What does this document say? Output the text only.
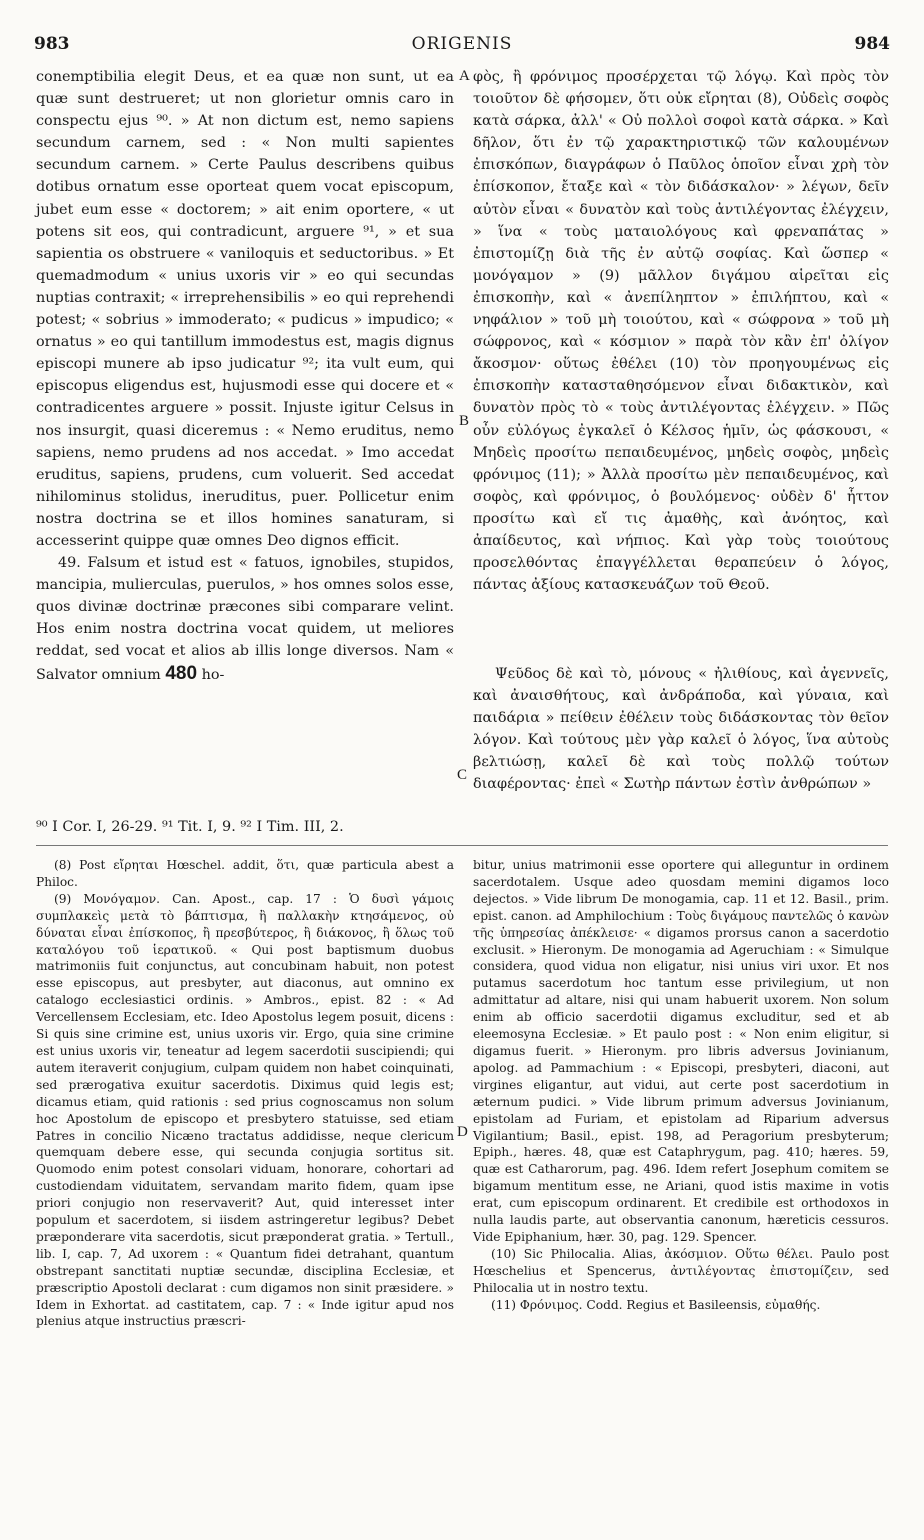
983	ORIGENIS	984

conemptibilia elegit Deus, et ea quæ non sunt, ut ea quæ sunt destrueret; ut non glorietur omnis caro in conspectu ejus ⁹⁰. » At non dictum est, nemo sapiens secundum carnem, sed : « Non multi sapientes secundum carnem. » Certe Paulus describens quibus dotibus ornatum esse oporteat quem vocat episcopum, jubet eum esse « doctorem; » ait enim oportere, « ut potens sit eos, qui contradicunt, arguere ⁹¹, » et sua sapientia os obstruere « vaniloquis et seductoribus. » Et quemadmodum « unius uxoris vir » eo qui secundas nuptias contraxit; « irreprehensibilis » eo qui reprehendi potest; « sobrius » immoderato; « pudicus » impudico; « ornatus » eo qui tantillum immodestus est, magis dignus episcopi munere ab ipso judicatur ⁹²; ita vult eum, qui episcopus eligendus est, hujusmodi esse qui docere et « contradicentes arguere » possit. Injuste igitur Celsus in nos insurgit, quasi diceremus : « Nemo eruditus, nemo sapiens, nemo prudens ad nos accedat. » Imo accedat eruditus, sapiens, prudens, cum voluerit. Sed accedat nihilominus stolidus, ineruditus, puer. Pollicetur enim nostra doctrina se et illos homines sanaturam, si accesserint quippe quæ omnes Deo dignos efficit.

49. Falsum et istud est « fatuos, ignobiles, stupidos, mancipia, mulierculas, puerulos, » hos omnes solos esse, quos divinæ doctrinæ præcones sibi comparare velint. Hos enim nostra doctrina vocat quidem, ut meliores reddat, sed vocat et alios ab illis longe diversos. Nam « Salvator omnium 480 ho-

φὸς, ἢ φρόνιμος προσέρχεται τῷ λόγῳ. Καὶ πρὸς τὸν τοιοῦτον δὲ φήσομεν, ὅτι οὐκ εἴρηται (8), Οὐδεὶς σοφὸς κατὰ σάρκα, ἀλλ' « Οὐ πολλοὶ σοφοὶ κατὰ σάρκα. » Καὶ δῆλον, ὅτι ἐν τῷ χαρακτηριστικῷ τῶν καλουμένων ἐπισκόπων, διαγράφων ὁ Παῦλος ὁποῖον εἶναι χρὴ τὸν ἐπίσκοπον, ἔταξε καὶ « τὸν διδάσκαλον· » λέγων, δεῖν αὐτὸν εἶναι « δυνατὸν καὶ τοὺς ἀντιλέγοντας ἐλέγχειν, » ἵνα « τοὺς ματαιολόγους καὶ φρεναπάτας » ἐπιστομίζῃ διὰ τῆς ἐν αὐτῷ σοφίας. Καὶ ὥσπερ « μονόγαμον » (9) μᾶλλον διγάμου αἱρεῖται εἰς ἐπισκοπὴν, καὶ « ἀνεπίληπτον » ἐπιλήπτου, καὶ « νηφάλιον » τοῦ μὴ τοιούτου, καὶ « σώφρονα » τοῦ μὴ σώφρονος, καὶ « κόσμιον » παρὰ τὸν κἂν ἐπ' ὀλίγον ἄκοσμον· οὕτως ἐθέλει (10) τὸν προηγουμένως εἰς ἐπισκοπὴν κατασταθησόμενον εἶναι διδακτικὸν, καὶ δυνατὸν πρὸς τὸ « τοὺς ἀντιλέγοντας ἐλέγχειν. » Πῶς οὖν εὐλόγως ἐγκαλεῖ ὁ Κέλσος ἡμῖν, ὡς φάσκουσι, « Μηδεὶς προσίτω πεπαιδευμένος, μηδεὶς σοφὸς, μηδεὶς φρόνιμος (11); » Ἀλλὰ προσίτω μὲν πεπαιδευμένος, καὶ σοφὸς, καὶ φρόνιμος, ὁ βουλόμενος· οὐδὲν δ' ἧττον προσίτω καὶ εἴ τις ἀμαθὴς, καὶ ἀνόητος, καὶ ἀπαίδευτος, καὶ νήπιος. Καὶ γὰρ τοὺς τοιούτους προσελθόντας ἐπαγγέλλεται θεραπεύειν ὁ λόγος, πάντας ἀξίους κατασκευάζων τοῦ Θεοῦ.

Ψεῦδος δὲ καὶ τὸ, μόνους « ἠλιθίους, καὶ ἀγεννεῖς, καὶ ἀναισθήτους, καὶ ἀνδράποδα, καὶ γύναια, καὶ παιδάρια » πείθειν ἐθέλειν τοὺς διδάσκοντας τὸν θεῖον λόγον. Καὶ τούτους μὲν γὰρ καλεῖ ὁ λόγος, ἵνα αὐτοὺς βελτιώσῃ, καλεῖ δὲ καὶ τοὺς πολλῷ τούτων διαφέροντας· ἐπεὶ « Σωτὴρ πάντων ἐστὶν ἀνθρώπων »

A
B
C
D
⁹⁰ I Cor. I, 26-29. ⁹¹ Tit. I, 9. ⁹² I Tim. III, 2.

(8) Post εἴρηται Hœschel. addit, ὅτι, quæ particula abest a Philoc.

(9) Μονόγαμον. Can. Apost., cap. 17 : Ὁ δυσὶ γάμοις συμπλακεὶς μετὰ τὸ βάπτισμα, ἢ παλλακὴν κτησάμενος, οὐ δύναται εἶναι ἐπίσκοπος, ἢ πρεσβύτερος, ἢ διάκονος, ἢ ὅλως τοῦ καταλόγου τοῦ ἱερατικοῦ. « Qui post baptismum duobus matrimoniis fuit conjunctus, aut concubinam habuit, non potest esse episcopus, aut presbyter, aut diaconus, aut omnino ex catalogo ecclesiastici ordinis. » Ambros., epist. 82 : « Ad Vercellensem Ecclesiam, etc. Ideo Apostolus legem posuit, dicens : Si quis sine crimine est, unius uxoris vir. Ergo, quia sine crimine est unius uxoris vir, teneatur ad legem sacerdotii suscipiendi; qui autem iteraverit conjugium, culpam quidem non habet coinquinati, sed prærogativa exuitur sacerdotis. Diximus quid legis est; dicamus etiam, quid rationis : sed prius cognoscamus non solum hoc Apostolum de episcopo et presbytero statuisse, sed etiam Patres in concilio Nicæno tractatus addidisse, neque clericum quemquam debere esse, qui secunda conjugia sortitus sit. Quomodo enim potest consolari viduam, honorare, cohortari ad custodiendam viduitatem, servandam marito fidem, quam ipse priori conjugio non reservaverit? Aut, quid interesset inter populum et sacerdotem, si iisdem astringeretur legibus? Debet præponderare vita sacerdotis, sicut præponderat gratia. » Tertull., lib. I, cap. 7, Ad uxorem : « Quantum fidei detrahant, quantum obstrepant sanctitati nuptiæ secundæ, disciplina Ecclesiæ, et præscriptio Apostoli declarat : cum digamos non sinit præsidere. » Idem in Exhortat. ad castitatem, cap. 7 : « Inde igitur apud nos plenius atque instructius præscri-

bitur, unius matrimonii esse oportere qui alleguntur in ordinem sacerdotalem. Usque adeo quosdam memini digamos loco dejectos. » Vide librum De monogamia, cap. 11 et 12. Basil., prim. epist. canon. ad Amphilochium : Τοὺς διγάμους παντελῶς ὁ κανὼν τῆς ὑπηρεσίας ἀπέκλεισε· « digamos prorsus canon a sacerdotio exclusit. » Hieronym. De monogamia ad Ageruchiam : « Simulque considera, quod vidua non eligatur, nisi unius viri uxor. Et nos putamus sacerdotum hoc tantum esse privilegium, ut non admittatur ad altare, nisi qui unam habuerit uxorem. Non solum enim ab officio sacerdotii digamus excluditur, sed et ab eleemosyna Ecclesiæ. » Et paulo post : « Non enim eligitur, si digamus fuerit. » Hieronym. pro libris adversus Jovinianum, apolog. ad Pammachium : « Episcopi, presbyteri, diaconi, aut virgines eligantur, aut vidui, aut certe post sacerdotium in æternum pudici. » Vide librum primum adversus Jovinianum, epistolam ad Furiam, et epistolam ad Riparium adversus Vigilantium; Basil., epist. 198, ad Peragorium presbyterum; Epiph., hæres. 48, quæ est Cataphrygum, pag. 410; hæres. 59, quæ est Catharorum, pag. 496. Idem refert Josephum comitem se bigamum mentitum esse, ne Ariani, quod istis maxime in votis erat, cum episcopum ordinarent. Et credibile est orthodoxos in nulla laudis parte, aut observantia canonum, hæreticis cessuros. Vide Epiphanium, hær. 30, pag. 129. Spencer.

(10) Sic Philocalia. Alias, ἀκόσμιον. Οὕτω θέλει. Paulo post Hœschelius et Spencerus, ἀντιλέγοντας ἐπιστομίζειν, sed Philocalia ut in nostro textu.

(11) Φρόνιμος. Codd. Regius et Basileensis, εὐμαθής.
